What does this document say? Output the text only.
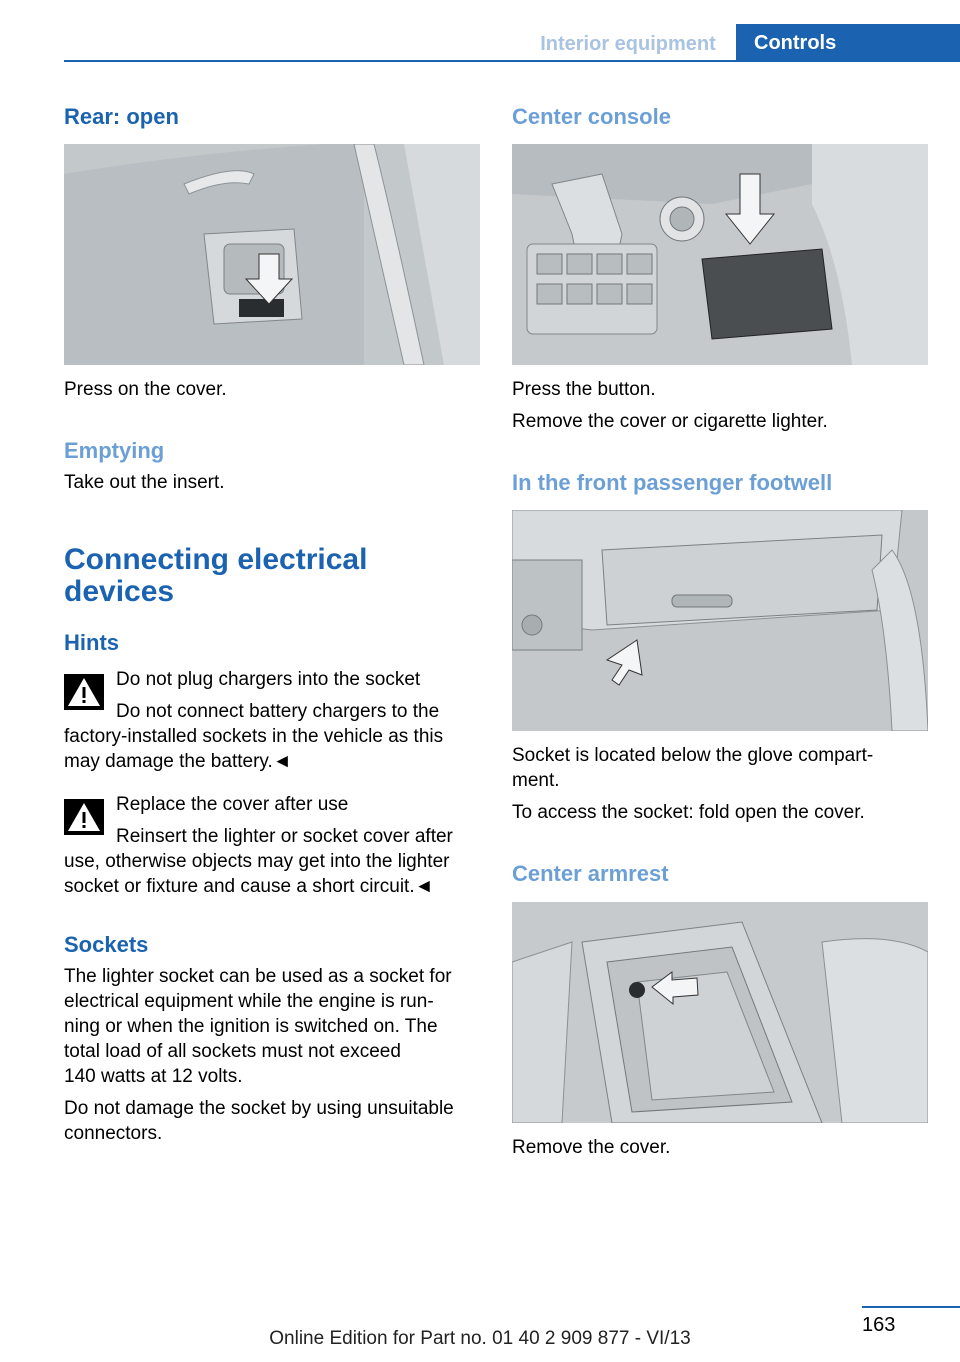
Interior equipment	Controls
Rear: open
Press on the cover.
Emptying
Take out the insert.
Connecting electrical
devices
Hints
Do not plug chargers into the socket
Do not connect battery chargers to the
factory-installed sockets in the vehicle as this
may damage the battery.◄
Replace the cover after use
Reinsert the lighter or socket cover after
use, otherwise objects may get into the lighter
socket or fixture and cause a short circuit.◄
Sockets
The lighter socket can be used as a socket for
electrical equipment while the engine is run-
ning or when the ignition is switched on. The
total load of all sockets must not exceed
140 watts at 12 volts.
Do not damage the socket by using unsuitable
connectors.
Center console
Press the button.
Remove the cover or cigarette lighter.
In the front passenger footwell
Socket is located below the glove compart-
ment.
To access the socket: fold open the cover.
Center armrest
Remove the cover.
163
Online Edition for Part no. 01 40 2 909 877 - VI/13
